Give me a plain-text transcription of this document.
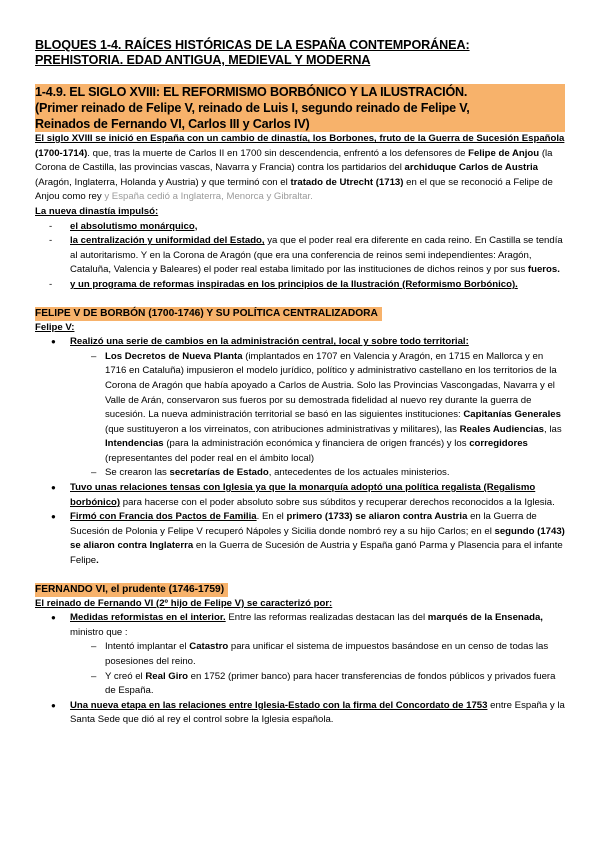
BLOQUES 1-4. RAÍCES HISTÓRICAS DE LA ESPAÑA CONTEMPORÁNEA:
PREHISTORIA. EDAD ANTIGUA, MEDIEVAL Y MODERNA
1-4.9. EL SIGLO XVIII: EL REFORMISMO BORBÓNICO Y LA ILUSTRACIÓN.
(Primer reinado de Felipe V, reinado de Luis I, segundo reinado de Felipe V,
Reinados de Fernando VI, Carlos III y Carlos IV)

El siglo XVIII se inició en España con un cambio de dinastía, los Borbones, fruto de la Guerra de Sucesión Española (1700-1714). que, tras la muerte de Carlos II en 1700 sin descendencia, enfrentó a los defensores de Felipe de Anjou (la Corona de Castilla, las provincias vascas, Navarra y Francia) contra los partidarios del archiduque Carlos de Austria (Aragón, Inglaterra, Holanda y Austria) y que terminó con el tratado de Utrecht (1713) en el que se reconoció a Felipe de Anjou como rey y España cedió a Inglaterra, Menorca y Gibraltar.

La nueva dinastía impulsó:

- el absolutismo monárquico,
- la centralización y uniformidad del Estado, ya que el poder real era diferente en cada reino. En Castilla se tendía al autoritarismo. Y en la Corona de Aragón (que era una conferencia de reinos semi independientes: Aragón, Cataluña, Valencia y Baleares) el poder real estaba limitado por las instituciones de dichos reinos y por sus fueros.
- y un programa de reformas inspiradas en los principios de la Ilustración (Reformismo Borbónico).
FELIPE V DE BORBÓN (1700-1746) Y SU POLÍTICA CENTRALIZADORA

Felipe V:

● Realizó una serie de cambios en la administración central, local y sobre todo territorial:
– Los Decretos de Nueva Planta (implantados en 1707 en Valencia y Aragón, en 1715 en Mallorca y en 1716 en Cataluña) impusieron el modelo jurídico, político y administrativo castellano en los territorios de la Corona de Aragón que había apoyado a Carlos de Austria. Solo las Provincias Vascongadas, Navarra y el Valle de Arán, conservaron sus fueros por su demostrada fidelidad al nuevo rey durante la guerra de sucesión. La nueva administración territorial se basó en las siguientes instituciones: Capitanías Generales (que sustituyeron a los virreinatos, con atribuciones administrativas y militares), las Reales Audiencias, las Intendencias (para la administración económica y financiera de origen francés) y los corregidores (representantes del poder real en el ámbito local)
– Se crearon las secretarías de Estado, antecedentes de los actuales ministerios.
● Tuvo unas relaciones tensas con Iglesia ya que la monarquía adoptó una política regalista (Regalismo borbónico) para hacerse con el poder absoluto sobre sus súbditos y recuperar derechos reconocidos a la Iglesia.
● Firmó con Francia dos Pactos de Familia. En el primero (1733) se aliaron contra Austria en la Guerra de Sucesión de Polonia y Felipe V recuperó Nápoles y Sicilia donde nombró rey a su hijo Carlos; en el segundo (1743) se aliaron contra Inglaterra en la Guerra de Sucesión de Austria y España ganó Parma y Plasencia para el infante Felipe.
FERNANDO VI, el prudente (1746-1759)

El reinado de Fernando VI (2º hijo de Felipe V) se caracterizó por:

● Medidas reformistas en el interior. Entre las reformas realizadas destacan las del marqués de la Ensenada, ministro que :
– Intentó implantar el Catastro para unificar el sistema de impuestos basándose en un censo de todas las posesiones del reino.
– Y creó el Real Giro en 1752 (primer banco) para hacer transferencias de fondos públicos y privados fuera de España.
● Una nueva etapa en las relaciones entre Iglesia-Estado con la firma del Concordato de 1753 entre España y la Santa Sede que dió al rey el control sobre la Iglesia española.
